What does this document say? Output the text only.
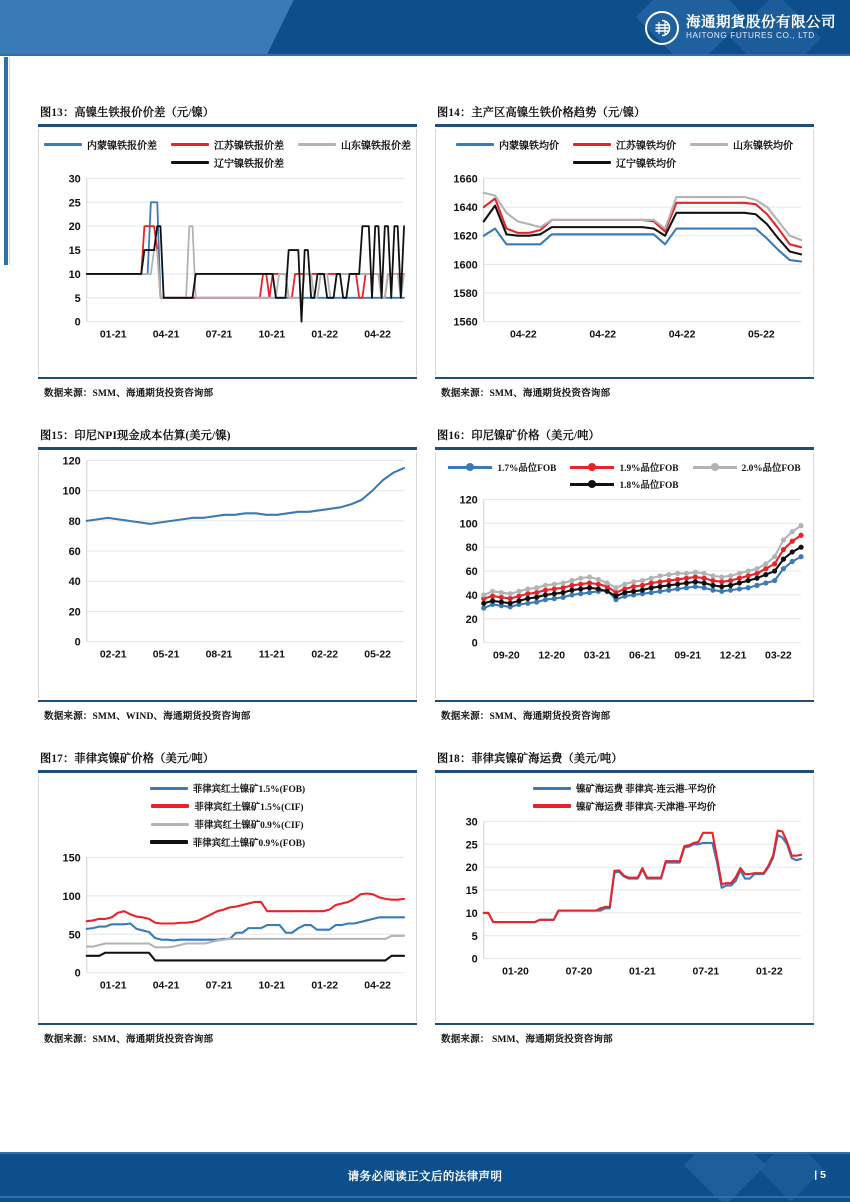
海通期貨股份有限公司
HAITONG FUTURES CO., LTD
图13：高镍生铁报价价差（元/镍）
内蒙镍铁报价差	江苏镍铁报价差	山东镍铁报价差
辽宁镍铁报价差
0
5
10
15
20
25
30
01-21 04-21 07-21 10-21 01-22 04-22
数据来源：SMM、海通期货投资咨询部
图14：主产区高镍生铁价格趋势（元/镍）
内蒙镍铁均价	江苏镍铁均价	山东镍铁均价
辽宁镍铁均价
1560
1580
1600
1620
1640
1660
04-22	04-22	04-22	05-22
数据来源：SMM、海通期货投资咨询部
图15：印尼NPI现金成本估算(美元/镍)
0
20
40
60
80
100
120
02-21 05-21 08-21	11-21	02-22 05-22
数据来源：SMM、WIND、海通期货投资咨询部
图16：印尼镍矿价格（美元/吨）
1.7%品位FOB	1.9%品位FOB	2.0%品位FOB
1.8%品位FOB
0
20
40
60
80
100
120
09-20 12-20 03-21 06-21 09-21 12-21 03-22
数据来源：SMM、海通期货投资咨询部
图17：菲律宾镍矿价格（美元/吨）
菲律宾红土镍矿1.5%(FOB)
菲律宾红土镍矿1.5%(CIF)
菲律宾红土镍矿0.9%(CIF)
菲律宾红土镍矿0.9%(FOB)
0
50
100
150
01-21 04-21 07-21 10-21 01-22 04-22
数据来源：SMM、海通期货投资咨询部
图18：菲律宾镍矿海运费（美元/吨）
镍矿海运费 菲律宾-连云港-平均价
镍矿海运费 菲律宾-天津港-平均价
0
5
10
15
20
25
30
01-20	07-20	01-21	07-21	01-22
数据来源： SMM、海通期货投资咨询部
请务必阅读正文后的法律声明	| 5
